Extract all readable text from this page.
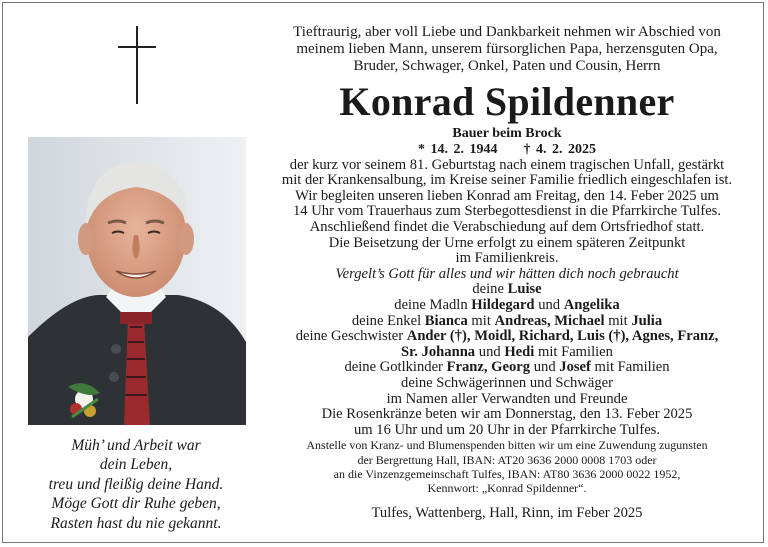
Müh’ und Arbeit war
dein Leben,
treu und fleißig deine Hand.
Möge Gott dir Ruhe geben,
Rasten hast du nie gekannt.
Tieftraurig, aber voll Liebe und Dankbarkeit nehmen wir Abschied von
meinem lieben Mann, unserem fürsorglichen Papa, herzensguten Opa,
Bruder, Schwager, Onkel, Paten und Cousin, Herrn
Konrad Spildenner
Bauer beim Brock
* 14. 2. 1944 † 4. 2. 2025
der kurz vor seinem 81. Geburtstag nach einem tragischen Unfall, gestärkt
mit der Krankensalbung, im Kreise seiner Familie friedlich eingeschlafen ist.
Wir begleiten unseren lieben Konrad am Freitag, den 14. Feber 2025 um
14 Uhr vom Trauerhaus zum Sterbegottesdienst in die Pfarrkirche Tulfes.
Anschließend findet die Verabschiedung auf dem Ortsfriedhof statt.
Die Beisetzung der Urne erfolgt zu einem späteren Zeitpunkt
im Familienkreis.
Vergelt’s Gott für alles und wir hätten dich noch gebraucht
deine Luise
deine Madln Hildegard und Angelika
deine Enkel Bianca mit Andreas, Michael mit Julia
deine Geschwister Ander (†), Moidl, Richard, Luis (†), Agnes, Franz,
Sr. Johanna und Hedi mit Familien
deine Gotlkinder Franz, Georg und Josef mit Familien
deine Schwägerinnen und Schwäger
im Namen aller Verwandten und Freunde
Die Rosenkränze beten wir am Donnerstag, den 13. Feber 2025
um 16 Uhr und um 20 Uhr in der Pfarrkirche Tulfes.
Anstelle von Kranz- und Blumenspenden bitten wir um eine Zuwendung zugunsten
der Bergrettung Hall, IBAN: AT20 3636 2000 0008 1703 oder
an die Vinzenzgemeinschaft Tulfes, IBAN: AT80 3636 2000 0022 1952,
Kennwort: „Konrad Spildenner“.
Tulfes, Wattenberg, Hall, Rinn, im Feber 2025
